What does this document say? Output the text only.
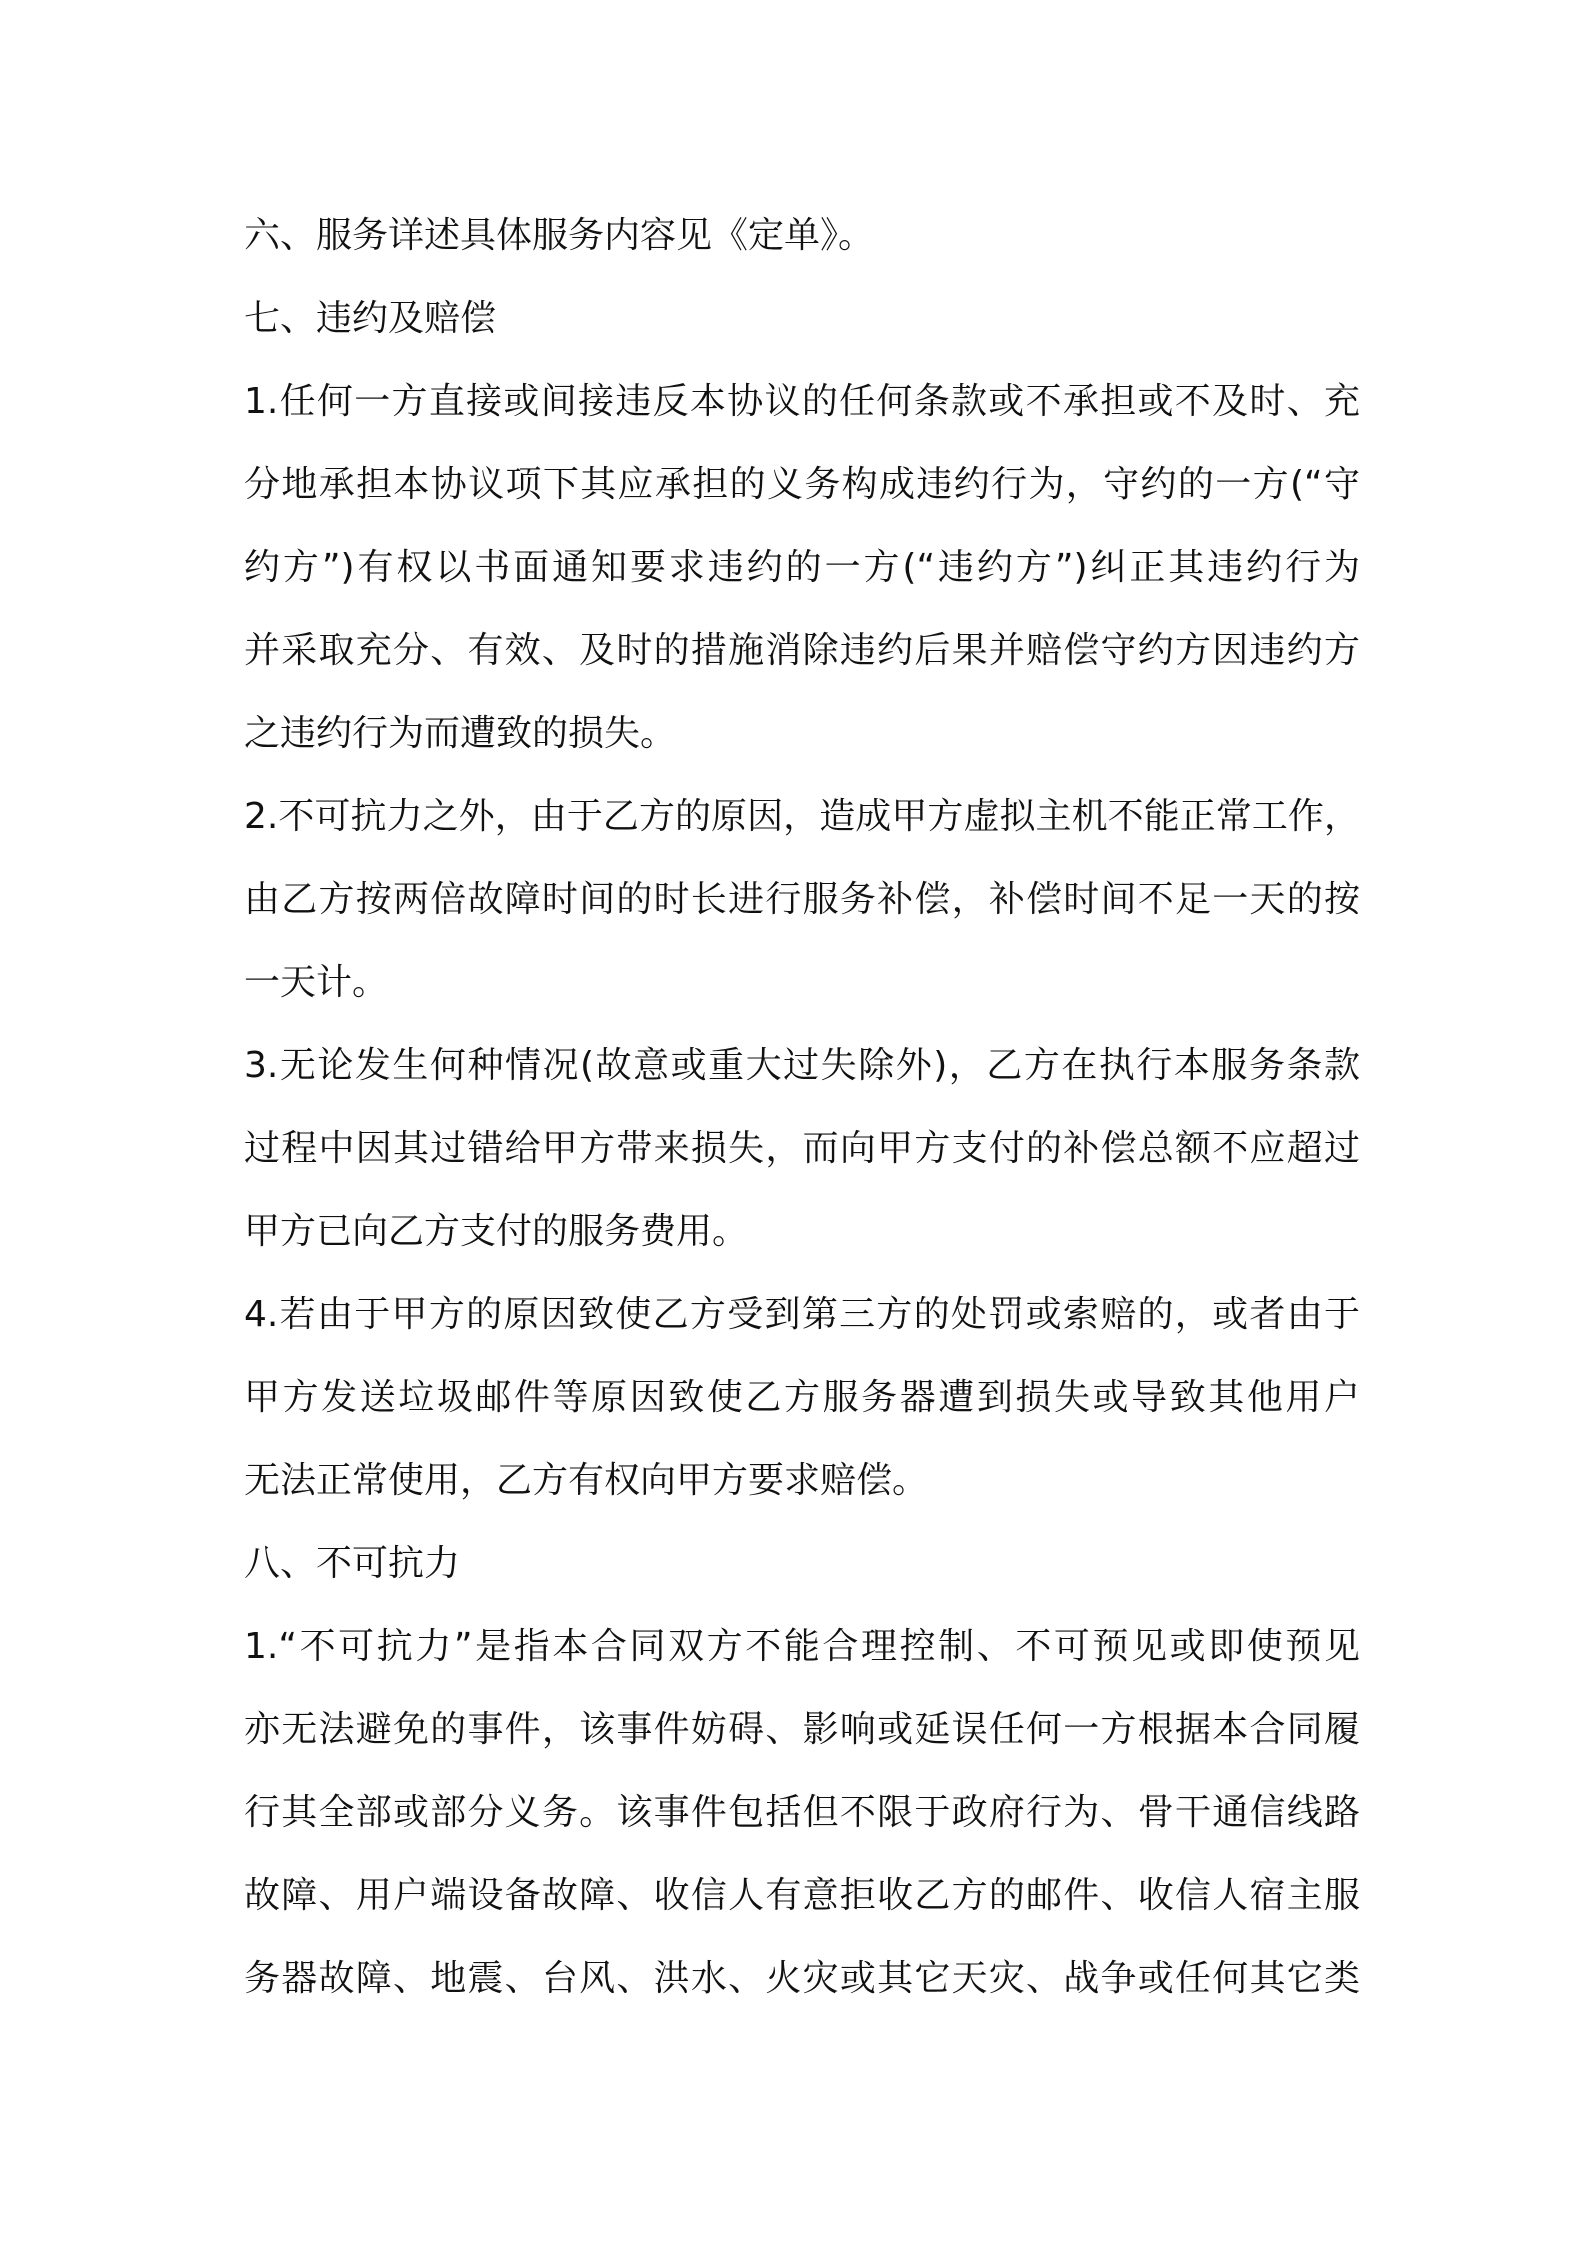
六、服务详述具体服务内容见《定单》。
七、违约及赔偿
1.任何一方直接或间接违反本协议的任何条款或不承担或不及时、充
分地承担本协议项下其应承担的义务构成违约行为，守约的一方(“守
约方”)有权以书面通知要求违约的一方(“违约方”)纠正其违约行为
并采取充分、有效、及时的措施消除违约后果并赔偿守约方因违约方
之违约行为而遭致的损失。
2.不可抗力之外，由于乙方的原因，造成甲方虚拟主机不能正常工作，
由乙方按两倍故障时间的时长进行服务补偿，补偿时间不足一天的按
一天计。
3.无论发生何种情况(故意或重大过失除外)，乙方在执行本服务条款
过程中因其过错给甲方带来损失，而向甲方支付的补偿总额不应超过
甲方已向乙方支付的服务费用。
4.若由于甲方的原因致使乙方受到第三方的处罚或索赔的，或者由于
甲方发送垃圾邮件等原因致使乙方服务器遭到损失或导致其他用户
无法正常使用，乙方有权向甲方要求赔偿。
八、不可抗力
1.“不可抗力”是指本合同双方不能合理控制、不可预见或即使预见
亦无法避免的事件，该事件妨碍、影响或延误任何一方根据本合同履
行其全部或部分义务。该事件包括但不限于政府行为、骨干通信线路
故障、用户端设备故障、收信人有意拒收乙方的邮件、收信人宿主服
务器故障、地震、台风、洪水、火灾或其它天灾、战争或任何其它类
